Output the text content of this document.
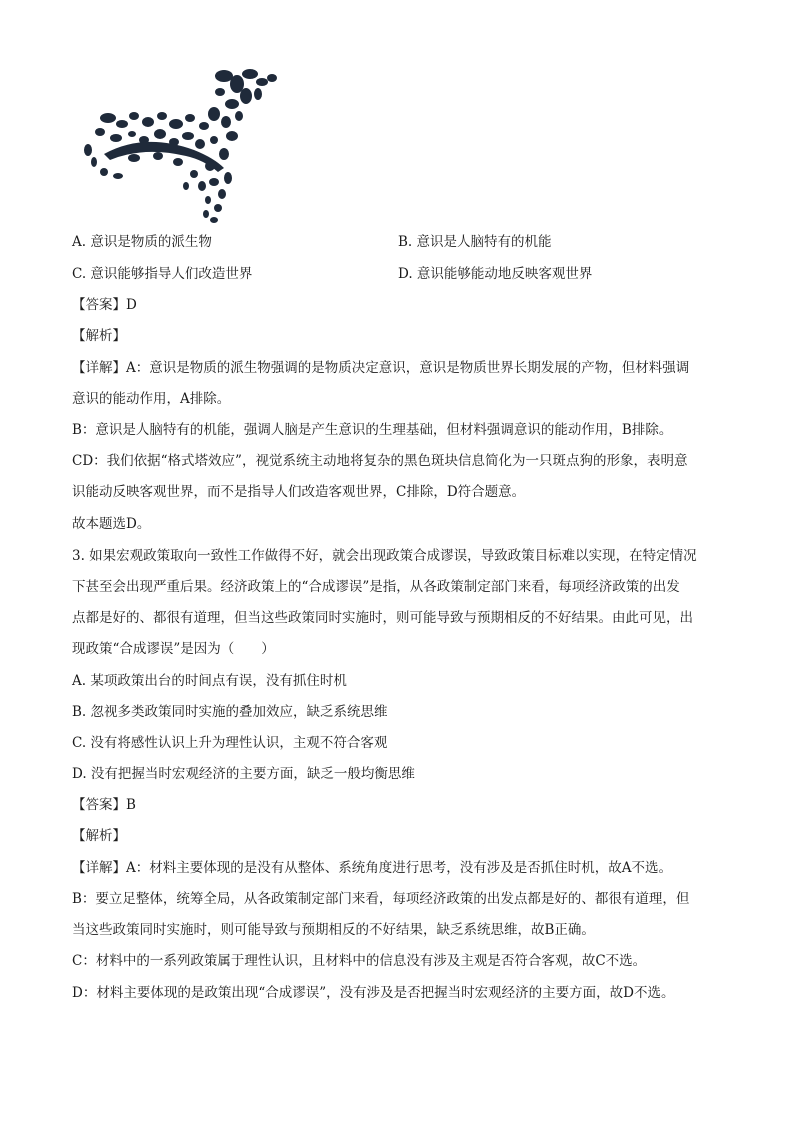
A. 意识是物质的派生物	B. 意识是人脑特有的机能
C. 意识能够指导人们改造世界	D. 意识能够能动地反映客观世界
【答案】D
【解析】
【详解】A：意识是物质的派生物强调的是物质决定意识，意识是物质世界长期发展的产物，但材料强调
意识的能动作用，A排除。
B：意识是人脑特有的机能，强调人脑是产生意识的生理基础，但材料强调意识的能动作用，B排除。
CD：我们依据“格式塔效应”，视觉系统主动地将复杂的黑色斑块信息简化为一只斑点狗的形象，表明意
识能动反映客观世界，而不是指导人们改造客观世界，C排除，D符合题意。
故本题选D。
3. 如果宏观政策取向一致性工作做得不好，就会出现政策合成谬误，导致政策目标难以实现，在特定情况
下甚至会出现严重后果。经济政策上的“合成谬误”是指，从各政策制定部门来看，每项经济政策的出发
点都是好的、都很有道理，但当这些政策同时实施时，则可能导致与预期相反的不好结果。由此可见，出
现政策“合成谬误”是因为（　　）
A. 某项政策出台的时间点有误，没有抓住时机
B. 忽视多类政策同时实施的叠加效应，缺乏系统思维
C. 没有将感性认识上升为理性认识，主观不符合客观
D. 没有把握当时宏观经济的主要方面，缺乏一般均衡思维
【答案】B
【解析】
【详解】A：材料主要体现的是没有从整体、系统角度进行思考，没有涉及是否抓住时机，故A不选。
B：要立足整体，统筹全局，从各政策制定部门来看，每项经济政策的出发点都是好的、都很有道理，但
当这些政策同时实施时，则可能导致与预期相反的不好结果，缺乏系统思维，故B正确。
C：材料中的一系列政策属于理性认识，且材料中的信息没有涉及主观是否符合客观，故C不选。
D：材料主要体现的是政策出现“合成谬误”，没有涉及是否把握当时宏观经济的主要方面，故D不选。
